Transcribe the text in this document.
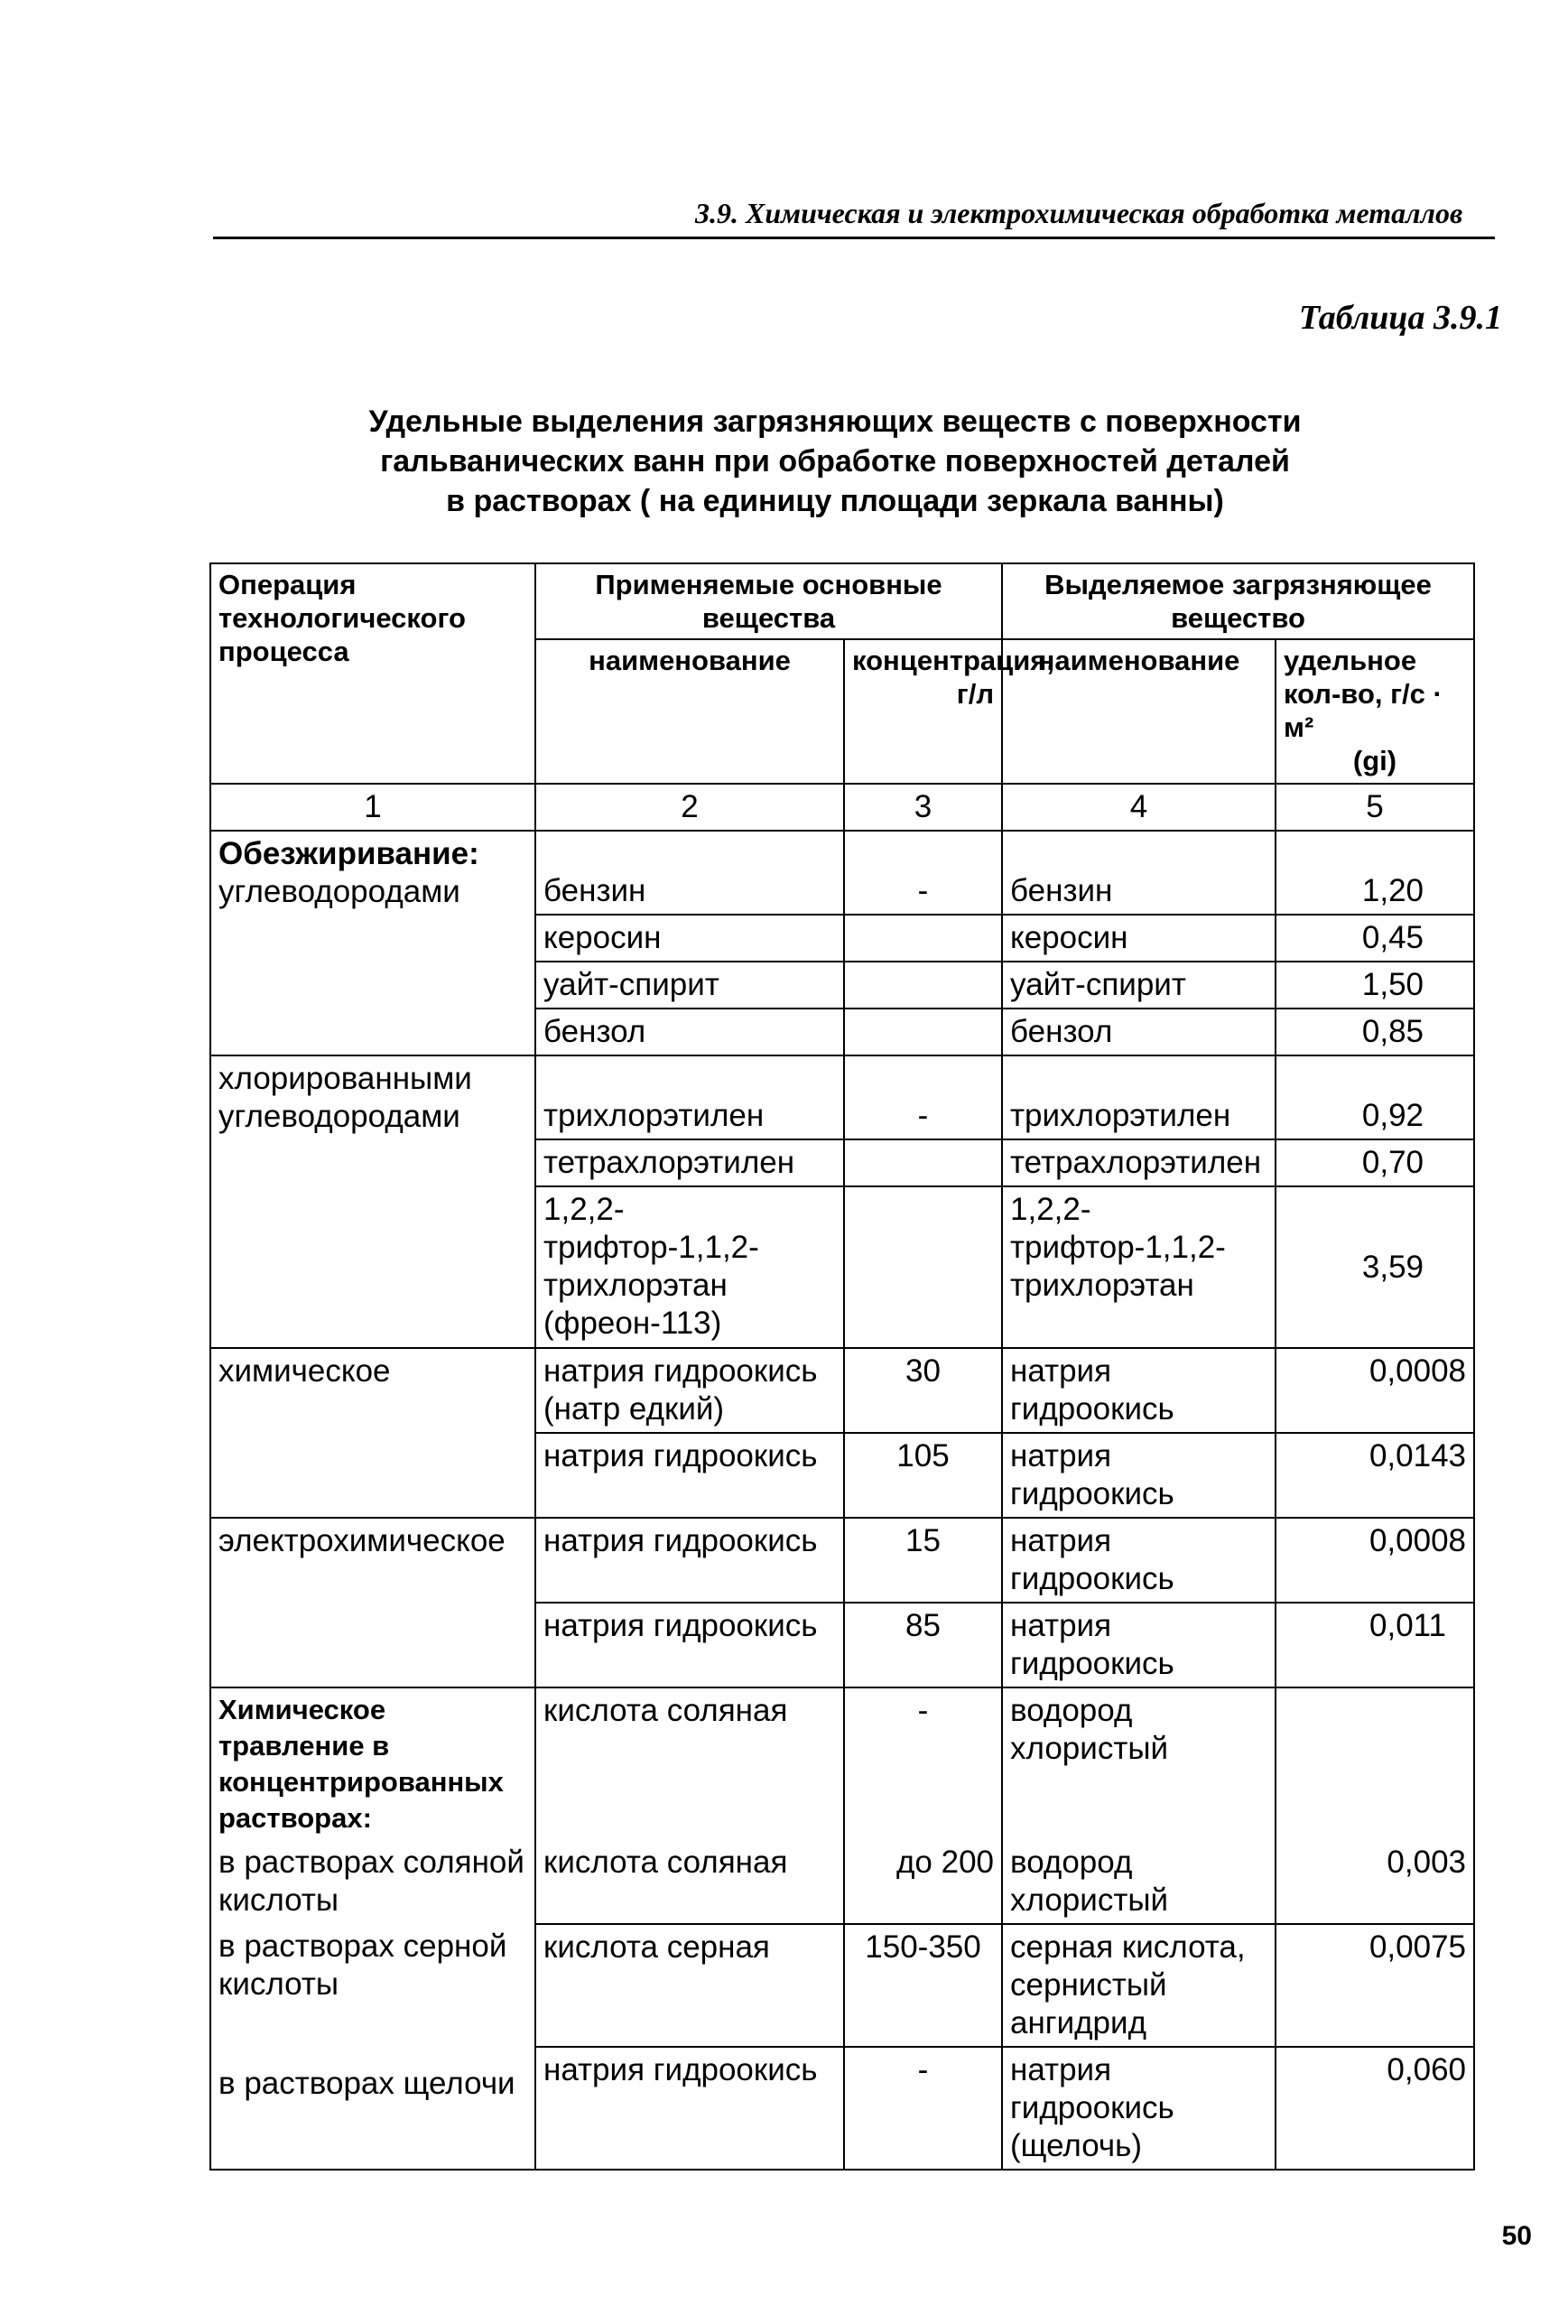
3.9. Химическая и электрохимическая обработка металлов
Таблица 3.9.1
Удельные выделения загрязняющих веществ с поверхности
гальванических ванн при обработке поверхностей деталей
в растворах ( на единицу площади зеркала ванны)
Операция технологического процесса	Применяемые основные вещества		Выделяемое загрязняющее вещество	
	наименование	концентрация, г/л	наименование	удельное кол-во, г/с · м²
(gi)

1	2	3	4	5

Обезжиривание:
углеводородами	бензин	-	бензин	1,20
	керосин		керосин	0,45
	уайт-спирит		уайт-спирит	1,50
	бензол		бензол	0,85
хлорированными углеводородами	трихлорэтилен	-	трихлорэтилен	0,92
	тетрахлорэтилен		тетрахлорэтилен	0,70
	1,2,2-трифтор-1,1,2-трихлорэтан (фреон-113)		1,2,2-трифтор-1,1,2-трихлорэтан	3,59
химическое	натрия гидроокись (натр едкий)	30	натрия гидроокись	0,0008
	натрия гидроокись	105	натрия гидроокись	0,0143
электрохимическое	натрия гидроокись	15	натрия гидроокись	0,0008
	натрия гидроокись	85	натрия гидроокись	0,011
Химическое травление в концентрированных растворах:	кислота соляная	-	водород хлористый	
в растворах соляной кислоты	кислота соляная	до 200	водород хлористый	0,003
в растворах серной кислоты	кислота серная	150-350	серная кислота, сернистый ангидрид	0,0075
в растворах щелочи	натрия гидроокись	-	натрия гидроокись (щелочь)	0,060
50
